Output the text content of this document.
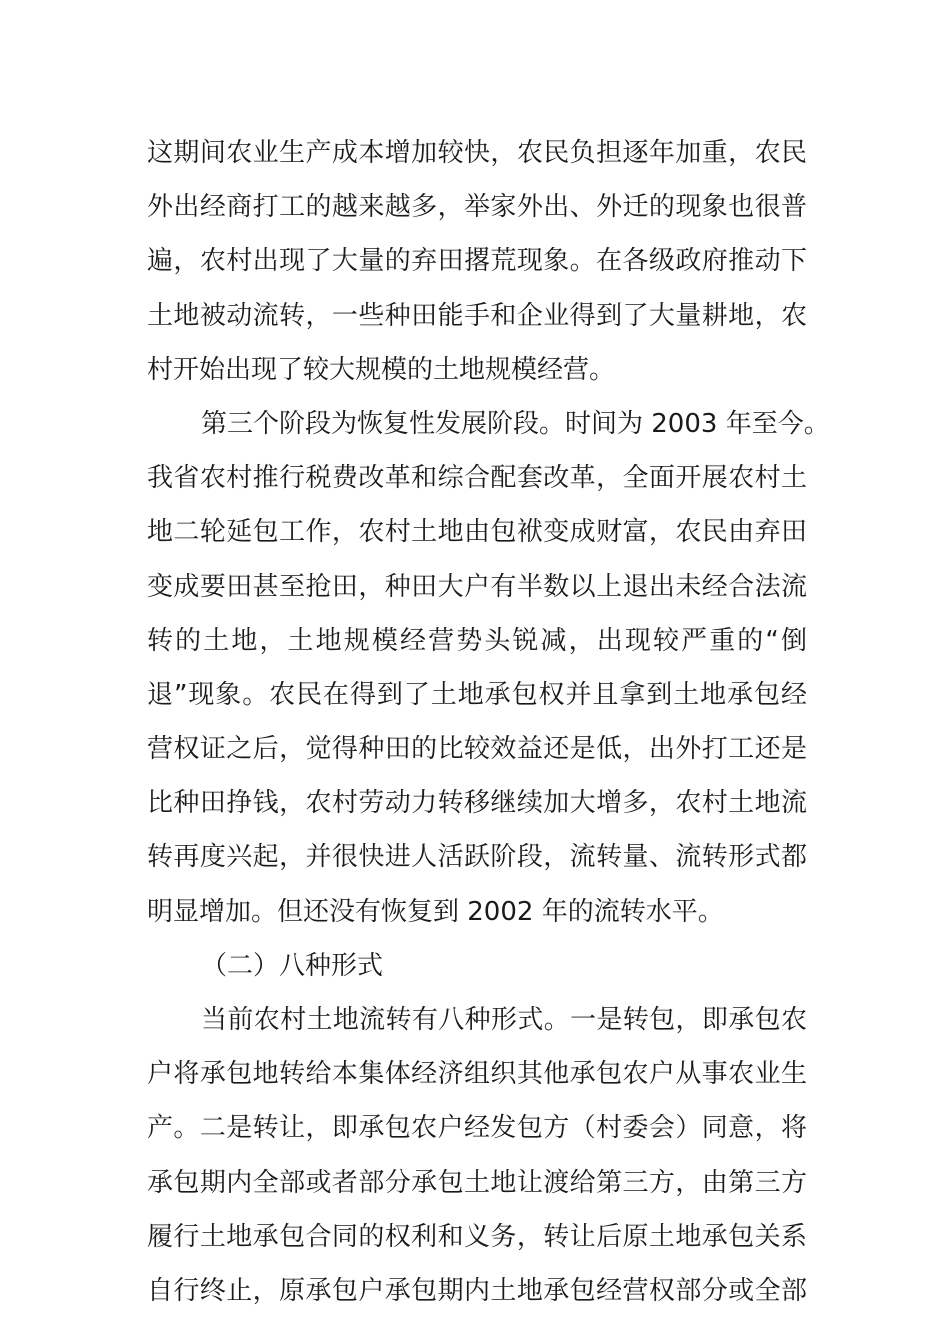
这期间农业生产成本增加较快，农民负担逐年加重，农民
外出经商打工的越来越多，举家外出、外迁的现象也很普
遍，农村出现了大量的弃田撂荒现象。在各级政府推动下
土地被动流转，一些种田能手和企业得到了大量耕地，农
村开始出现了较大规模的土地规模经营。
第三个阶段为恢复性发展阶段。时间为 2003 年至今。
我省农村推行税费改革和综合配套改革，全面开展农村土
地二轮延包工作，农村土地由包袱变成财富，农民由弃田
变成要田甚至抢田，种田大户有半数以上退出未经合法流
转的土地，土地规模经营势头锐减，出现较严重的“倒
退”现象。农民在得到了土地承包权并且拿到土地承包经
营权证之后，觉得种田的比较效益还是低，出外打工还是
比种田挣钱，农村劳动力转移继续加大增多，农村土地流
转再度兴起，并很快进人活跃阶段，流转量、流转形式都
明显增加。但还没有恢复到 2002 年的流转水平。
（二）八种形式
当前农村土地流转有八种形式。一是转包，即承包农
户将承包地转给本集体经济组织其他承包农户从事农业生
产。二是转让，即承包农户经发包方（村委会）同意，将
承包期内全部或者部分承包土地让渡给第三方，由第三方
履行土地承包合同的权利和义务，转让后原土地承包关系
自行终止，原承包户承包期内土地承包经营权部分或全部
